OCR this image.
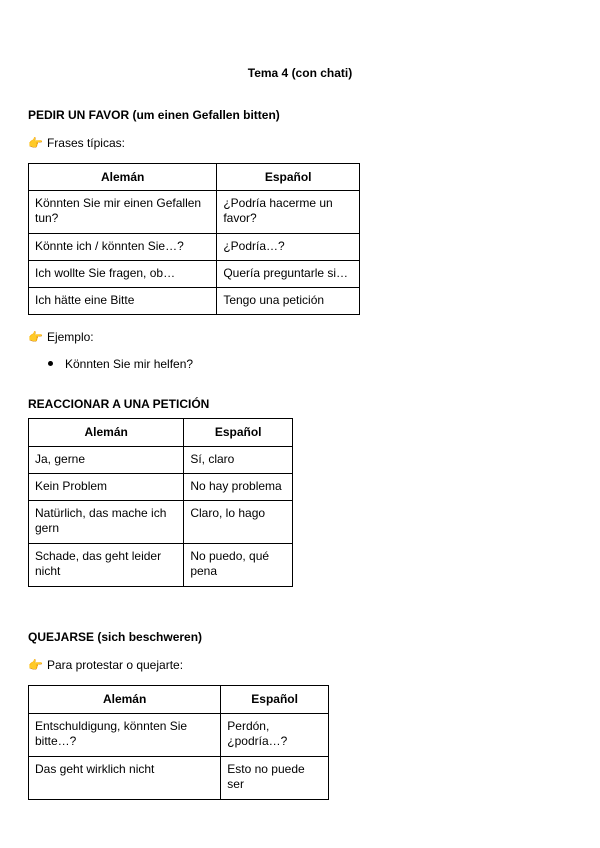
Tema 4 (con chati)
PEDIR UN FAVOR (um einen Gefallen bitten)
👉 Frases típicas:
Alemán	Español
Könnten Sie mir einen Gefallen tun?	¿Podría hacerme un favor?
Könnte ich / könnten Sie…?	¿Podría…?
Ich wollte Sie fragen, ob…	Quería preguntarle si…
Ich hätte eine Bitte	Tengo una petición
👉 Ejemplo:
Könnten Sie mir helfen?
REACCIONAR A UNA PETICIÓN
Alemán	Español
Ja, gerne	Sí, claro
Kein Problem	No hay problema
Natürlich, das mache ich gern	Claro, lo hago
Schade, das geht leider nicht	No puedo, qué pena
QUEJARSE (sich beschweren)
👉 Para protestar o quejarte:
Alemán	Español
Entschuldigung, könnten Sie bitte…?	Perdón, ¿podría…?
Das geht wirklich nicht	Esto no puede ser
